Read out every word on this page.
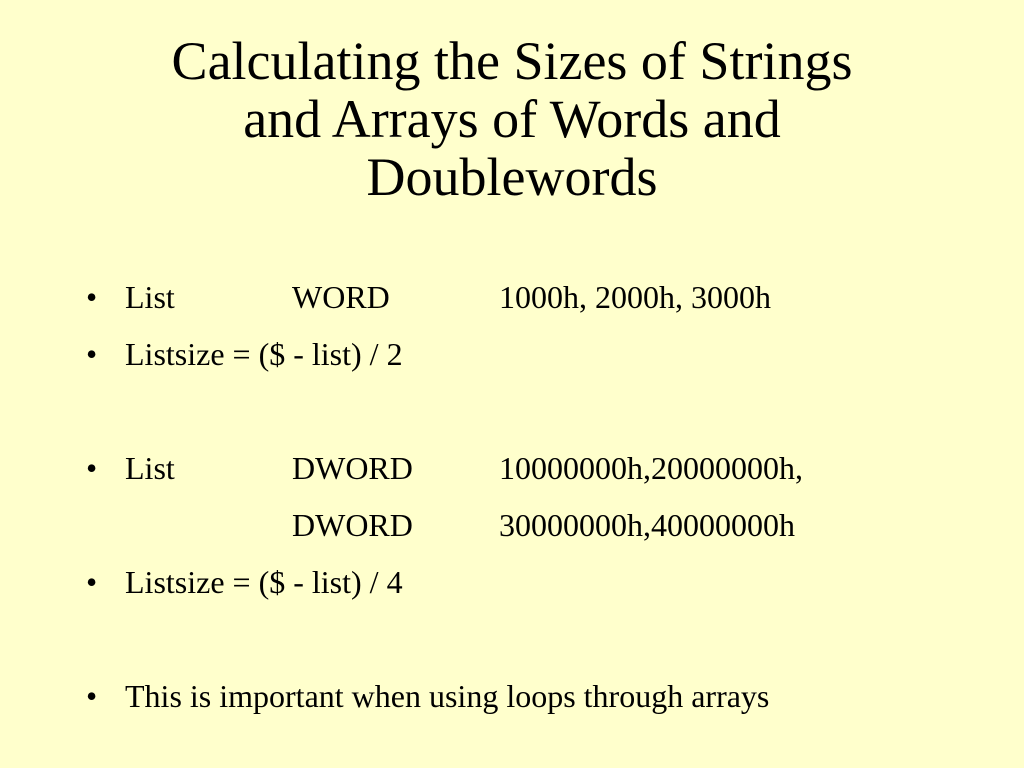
Calculating the Sizes of Strings
and Arrays of Words and
Doublewords
• List	WORD	1000h, 2000h, 3000h
• Listsize = ($ - list) / 2
• List	DWORD	10000000h,20000000h,
DWORD	30000000h,40000000h
• Listsize = ($ - list) / 4
• This is important when using loops through arrays
